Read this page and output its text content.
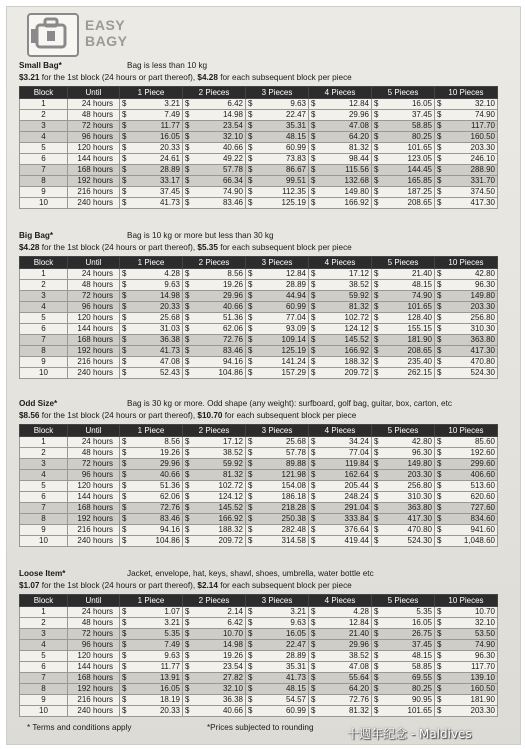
EASY
BAGY
Small Bag*	Bag is less than 10 kg
$3.21 for the 1st block (24 hours or part thereof), $4.28 for each subsequent block per piece
Block	Until	1 Piece	2 Pieces	3 Pieces	4 Pieces	5 Pieces	10 Pieces
1	24 hours	$ 3.21	$ 6.42	$ 9.63	$ 12.84	$ 16.05	$ 32.10

2	48 hours	$ 7.49	$ 14.98	$ 22.47	$ 29.96	$ 37.45	$ 74.90

3	72 hours	$ 11.77	$ 23.54	$ 35.31	$ 47.08	$ 58.85	$ 117.70

4	96 hours	$ 16.05	$ 32.10	$ 48.15	$ 64.20	$ 80.25	$ 160.50

5	120 hours	$ 20.33	$ 40.66	$ 60.99	$ 81.32	$ 101.65	$ 203.30

6	144 hours	$ 24.61	$ 49.22	$ 73.83	$ 98.44	$ 123.05	$ 246.10

7	168 hours	$ 28.89	$ 57.78	$ 86.67	$ 115.56	$ 144.45	$ 288.90

8	192 hours	$ 33.17	$ 66.34	$ 99.51	$ 132.68	$ 165.85	$ 331.70

9	216 hours	$ 37.45	$ 74.90	$ 112.35	$ 149.80	$ 187.25	$ 374.50

10	240 hours	$ 41.73	$ 83.46	$ 125.19	$ 166.92	$ 208.65	$ 417.30
Big Bag*	Bag is 10 kg or more but less than 30 kg
$4.28 for the 1st block (24 hours or part thereof), $5.35 for each subsequent block per piece
Block	Until	1 Piece	2 Pieces	3 Pieces	4 Pieces	5 Pieces	10 Pieces
1	24 hours	$ 4.28	$ 8.56	$ 12.84	$ 17.12	$ 21.40	$ 42.80

2	48 hours	$ 9.63	$ 19.26	$ 28.89	$ 38.52	$ 48.15	$ 96.30

3	72 hours	$ 14.98	$ 29.96	$ 44.94	$ 59.92	$ 74.90	$ 149.80

4	96 hours	$ 20.33	$ 40.66	$ 60.99	$ 81.32	$ 101.65	$ 203.30

5	120 hours	$ 25.68	$ 51.36	$ 77.04	$ 102.72	$ 128.40	$ 256.80

6	144 hours	$ 31.03	$ 62.06	$ 93.09	$ 124.12	$ 155.15	$ 310.30

7	168 hours	$ 36.38	$ 72.76	$ 109.14	$ 145.52	$ 181.90	$ 363.80

8	192 hours	$ 41.73	$ 83.46	$ 125.19	$ 166.92	$ 208.65	$ 417.30

9	216 hours	$ 47.08	$ 94.16	$ 141.24	$ 188.32	$ 235.40	$ 470.80

10	240 hours	$ 52.43	$ 104.86	$ 157.29	$ 209.72	$ 262.15	$ 524.30
Odd Size*	Bag is 30 kg or more. Odd shape (any weight): surfboard, golf bag, guitar, box, carton, etc
$8.56 for the 1st block (24 hours or part thereof), $10.70 for each subsequent block per piece
Block	Until	1 Piece	2 Pieces	3 Pieces	4 Pieces	5 Pieces	10 Pieces
1	24 hours	$ 8.56	$ 17.12	$ 25.68	$ 34.24	$ 42.80	$ 85.60

2	48 hours	$ 19.26	$ 38.52	$ 57.78	$ 77.04	$ 96.30	$ 192.60

3	72 hours	$ 29.96	$ 59.92	$ 89.88	$ 119.84	$ 149.80	$ 299.60

4	96 hours	$ 40.66	$ 81.32	$ 121.98	$ 162.64	$ 203.30	$ 406.60

5	120 hours	$ 51.36	$ 102.72	$ 154.08	$ 205.44	$ 256.80	$ 513.60

6	144 hours	$ 62.06	$ 124.12	$ 186.18	$ 248.24	$ 310.30	$ 620.60

7	168 hours	$ 72.76	$ 145.52	$ 218.28	$ 291.04	$ 363.80	$ 727.60

8	192 hours	$ 83.46	$ 166.92	$ 250.38	$ 333.84	$ 417.30	$ 834.60

9	216 hours	$ 94.16	$ 188.32	$ 282.48	$ 376.64	$ 470.80	$ 941.60

10	240 hours	$ 104.86	$ 209.72	$ 314.58	$ 419.44	$ 524.30	$ 1,048.60
Loose Item*	Jacket, envelope, hat, keys, shawl, shoes, umbrella, water bottle etc
$1.07 for the 1st block (24 hours or part thereof), $2.14 for each subsequent block per piece
Block	Until	1 Piece	2 Pieces	3 Pieces	4 Pieces	5 Pieces	10 Pieces
1	24 hours	$ 1.07	$ 2.14	$ 3.21	$ 4.28	$ 5.35	$ 10.70

2	48 hours	$ 3.21	$ 6.42	$ 9.63	$ 12.84	$ 16.05	$ 32.10

3	72 hours	$ 5.35	$ 10.70	$ 16.05	$ 21.40	$ 26.75	$ 53.50

4	96 hours	$ 7.49	$ 14.98	$ 22.47	$ 29.96	$ 37.45	$ 74.90

5	120 hours	$ 9.63	$ 19.26	$ 28.89	$ 38.52	$ 48.15	$ 96.30

6	144 hours	$ 11.77	$ 23.54	$ 35.31	$ 47.08	$ 58.85	$ 117.70

7	168 hours	$ 13.91	$ 27.82	$ 41.73	$ 55.64	$ 69.55	$ 139.10

8	192 hours	$ 16.05	$ 32.10	$ 48.15	$ 64.20	$ 80.25	$ 160.50

9	216 hours	$ 18.19	$ 36.38	$ 54.57	$ 72.76	$ 90.95	$ 181.90

10	240 hours	$ 20.33	$ 40.66	$ 60.99	$ 81.32	$ 101.65	$ 203.30
* Terms and conditions apply	*Prices subjected to rounding	十週年紀念 - Maldives
